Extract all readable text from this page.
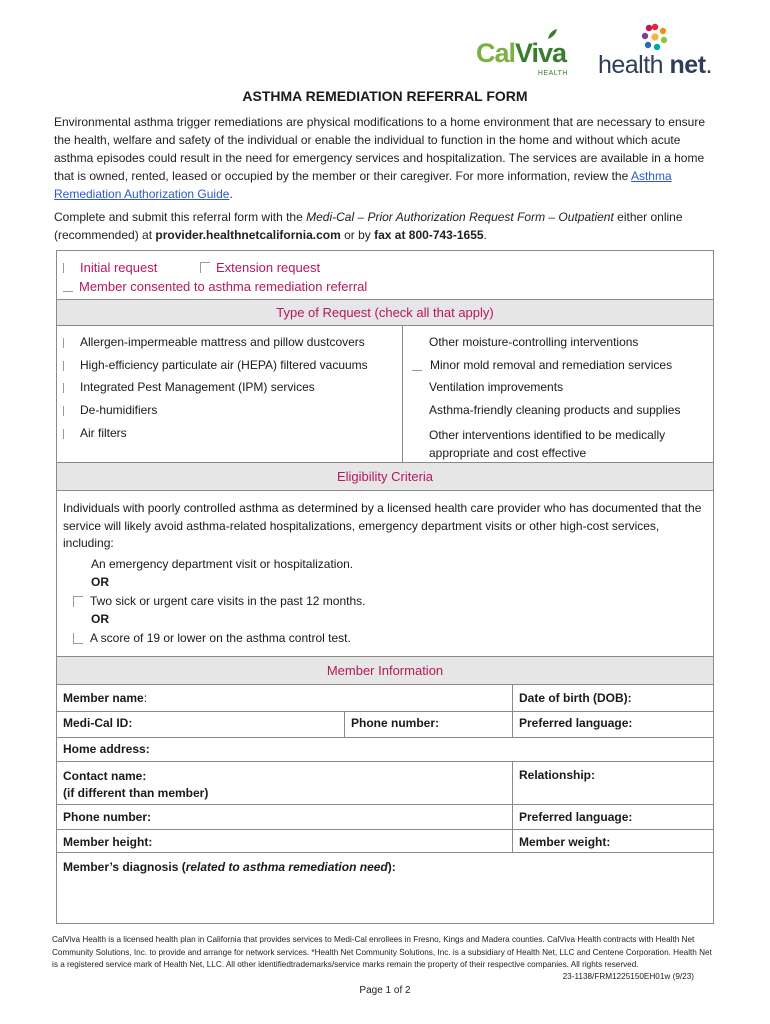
CalViva
HEALTH health net.
ASTHMA REMEDIATION REFERRAL FORM
Environmental asthma trigger remediations are physical modifications to a home environment that are necessary to ensure the health, welfare and safety of the individual or enable the individual to function in the home and without which acute asthma episodes could result in the need for emergency services and hospitalization. The services are available in a home that is owned, rented, leased or occupied by the member or their caregiver. For more information, review the Asthma Remediation Authorization Guide.
Complete and submit this referral form with the Medi-Cal – Prior Authorization Request Form – Outpatient either online (recommended) at provider.healthnetcalifornia.com or by fax at 800-743-1655.
Initial request	Extension request
Member consented to asthma remediation referral
Type of Request (check all that apply)
Allergen-impermeable mattress and pillow dustcovers
High-efficiency particulate air (HEPA) filtered vacuums
Integrated Pest Management (IPM) services
De-humidifiers
Air filters
Other moisture-controlling interventions
Minor mold removal and remediation services
Ventilation improvements
Asthma-friendly cleaning products and supplies
Other interventions identified to be medically
appropriate and cost effective
Eligibility Criteria
Individuals with poorly controlled asthma as determined by a licensed health care provider who has documented that the service will likely avoid asthma-related hospitalizations, emergency department visits or other high-cost services, including:
An emergency department visit or hospitalization.
OR
Two sick or urgent care visits in the past 12 months.
OR
A score of 19 or lower on the asthma control test.
Member Information
Member name:	Date of birth (DOB):
Medi-Cal ID:	Phone number:	Preferred language:
Home address:
Contact name:
(if different than member)
Relationship:
Phone number:	Preferred language:
Member height:	Member weight:
Member’s diagnosis (related to asthma remediation need):
CalViva Health is a licensed health plan in California that provides services to Medi-Cal enrollees in Fresno, Kings and Madera counties. CalViva Health contracts with Health Net Community Solutions, Inc. to provide and arrange for network services. *Health Net Community Solutions, Inc. is a subsidiary of Health Net, LLC and Centene Corporation. Health Net is a registered service mark of Health Net, LLC. All other identifiedtrademarks/service marks remain the property of their respective companies. All rights reserved.
23-1138/FRM1225150EH01w (9/23)
Page 1 of 2
